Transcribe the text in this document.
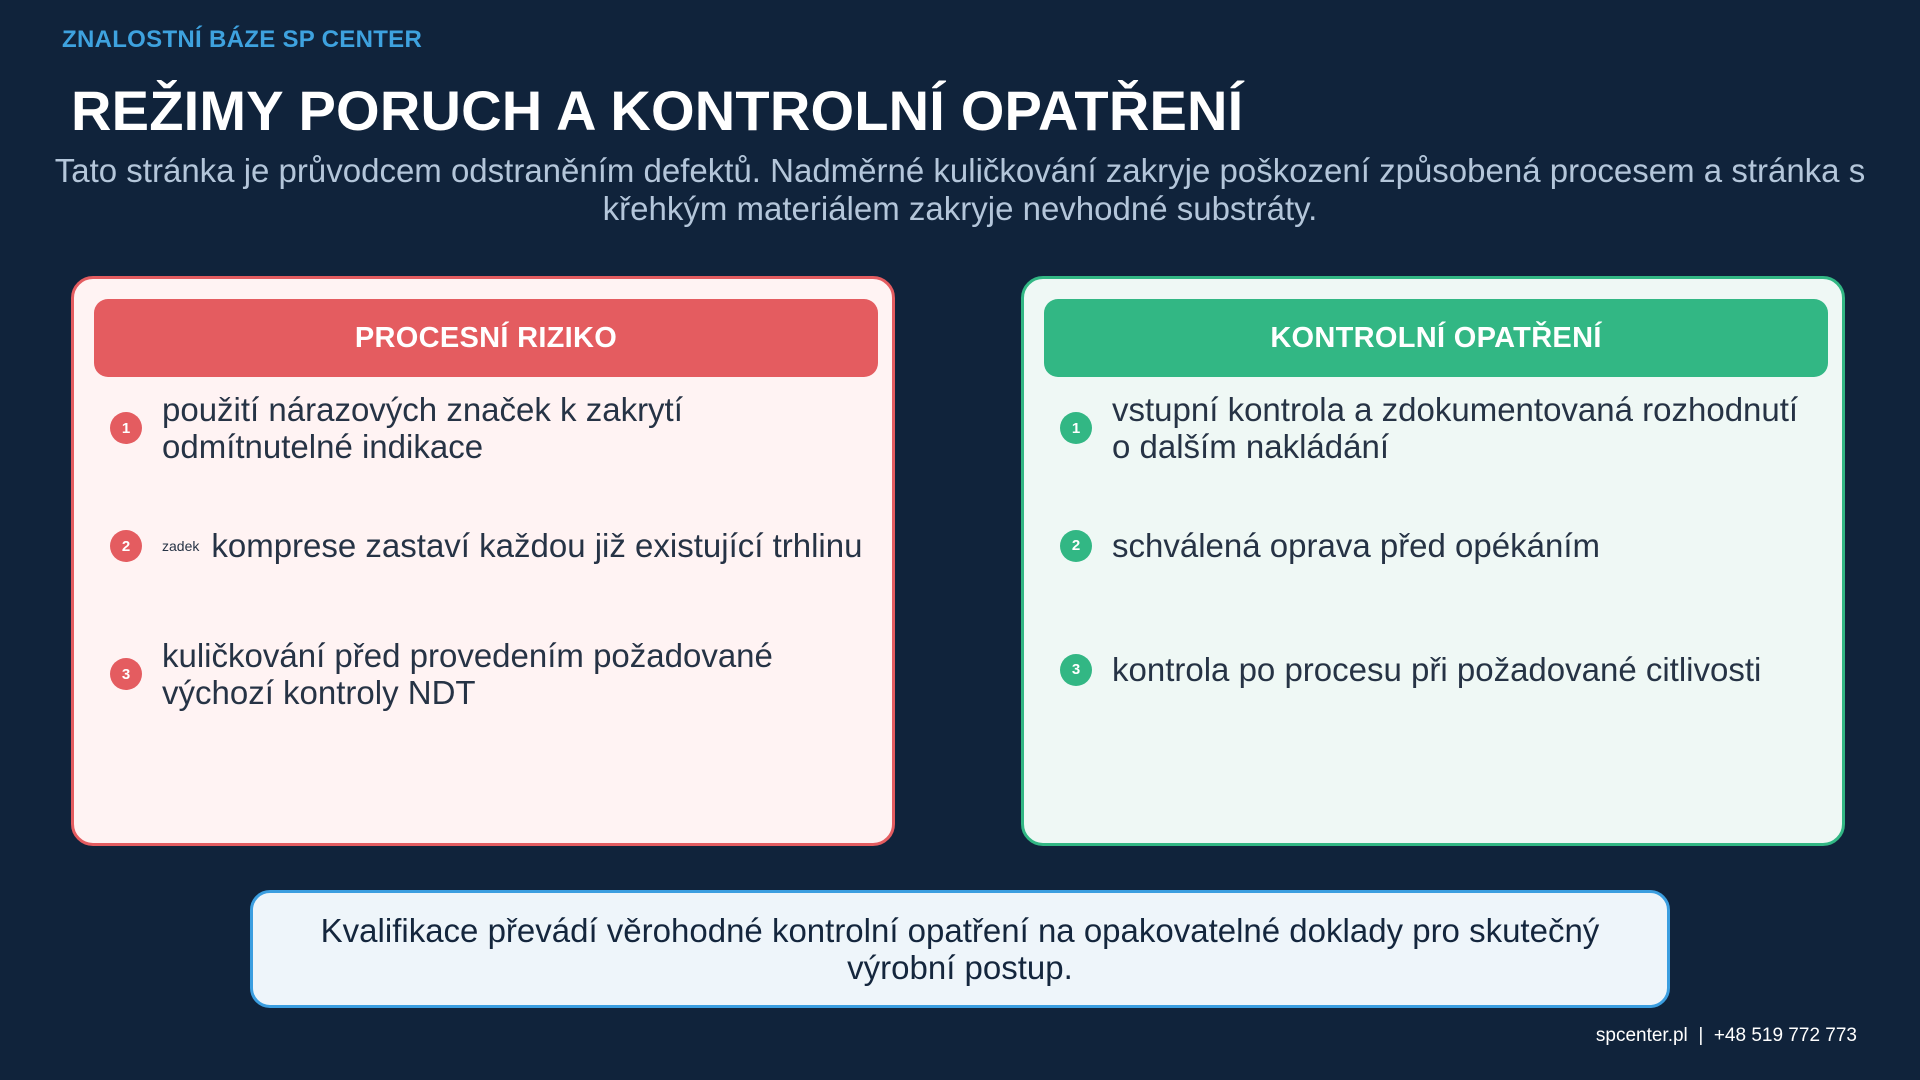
ZNALOSTNÍ BÁZE SP CENTER
REŽIMY PORUCH A KONTROLNÍ OPATŘENÍ

Tato stránka je průvodcem odstraněním defektů. Nadměrné kuličkování zakryje poškození způsobená procesem a stránka s křehkým materiálem zakryje nevhodné substráty.

PROCESNÍ RIZIKO
1 použití nárazových značek k zakrytí odmítnutelné indikace
2	zadek komprese zastaví každou již existující trhlinu
3 kuličkování před provedením požadované výchozí kontroly NDT
KONTROLNÍ OPATŘENÍ
1 vstupní kontrola a zdokumentovaná rozhodnutí o dalším nakládání
2 schválená oprava před opékáním
3 kontrola po procesu při požadované citlivosti
Kvalifikace převádí věrohodné kontrolní opatření na opakovatelné doklady pro skutečný výrobní postup.
spcenter.pl  |  +48 519 772 773
